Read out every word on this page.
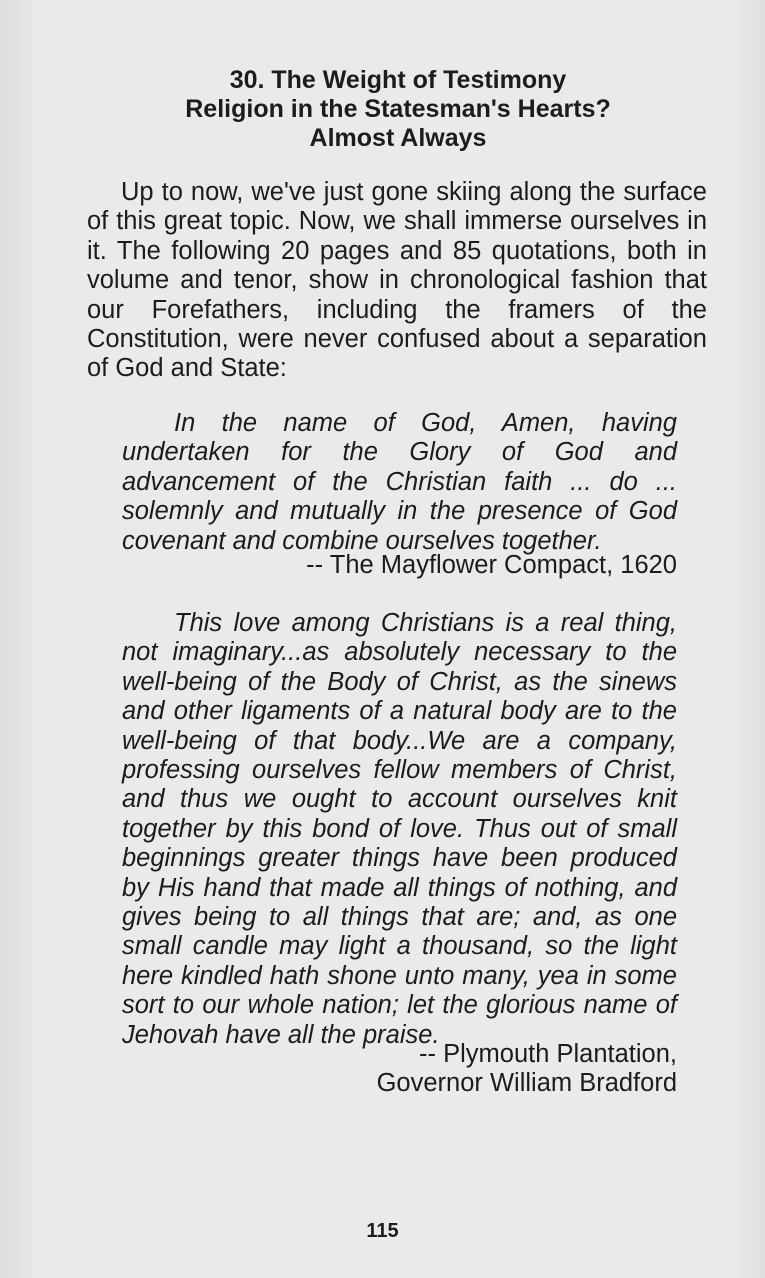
30. The Weight of Testimony
Religion in the Statesman's Hearts?
Almost Always

Up to now, we've just gone skiing along the surface of this great topic. Now, we shall immerse ourselves in it. The following 20 pages and 85 quotations, both in volume and tenor, show in chronological fashion that our Forefathers, including the framers of the Constitution, were never confused about a separation of God and State:

In the name of God, Amen, having undertaken for the Glory of God and advancement of the Christian faith ... do ... solemnly and mutually in the presence of God covenant and combine ourselves together.

-- The Mayflower Compact, 1620

This love among Christians is a real thing, not imaginary...as absolutely necessary to the well-being of the Body of Christ, as the sinews and other ligaments of a natural body are to the well-being of that body...We are a company, professing ourselves fellow members of Christ, and thus we ought to account ourselves knit together by this bond of love. Thus out of small beginnings greater things have been produced by His hand that made all things of nothing, and gives being to all things that are; and, as one small candle may light a thousand, so the light here kindled hath shone unto many, yea in some sort to our whole nation; let the glorious name of Jehovah have all the praise.

-- Plymouth Plantation,
Governor William Bradford
115
